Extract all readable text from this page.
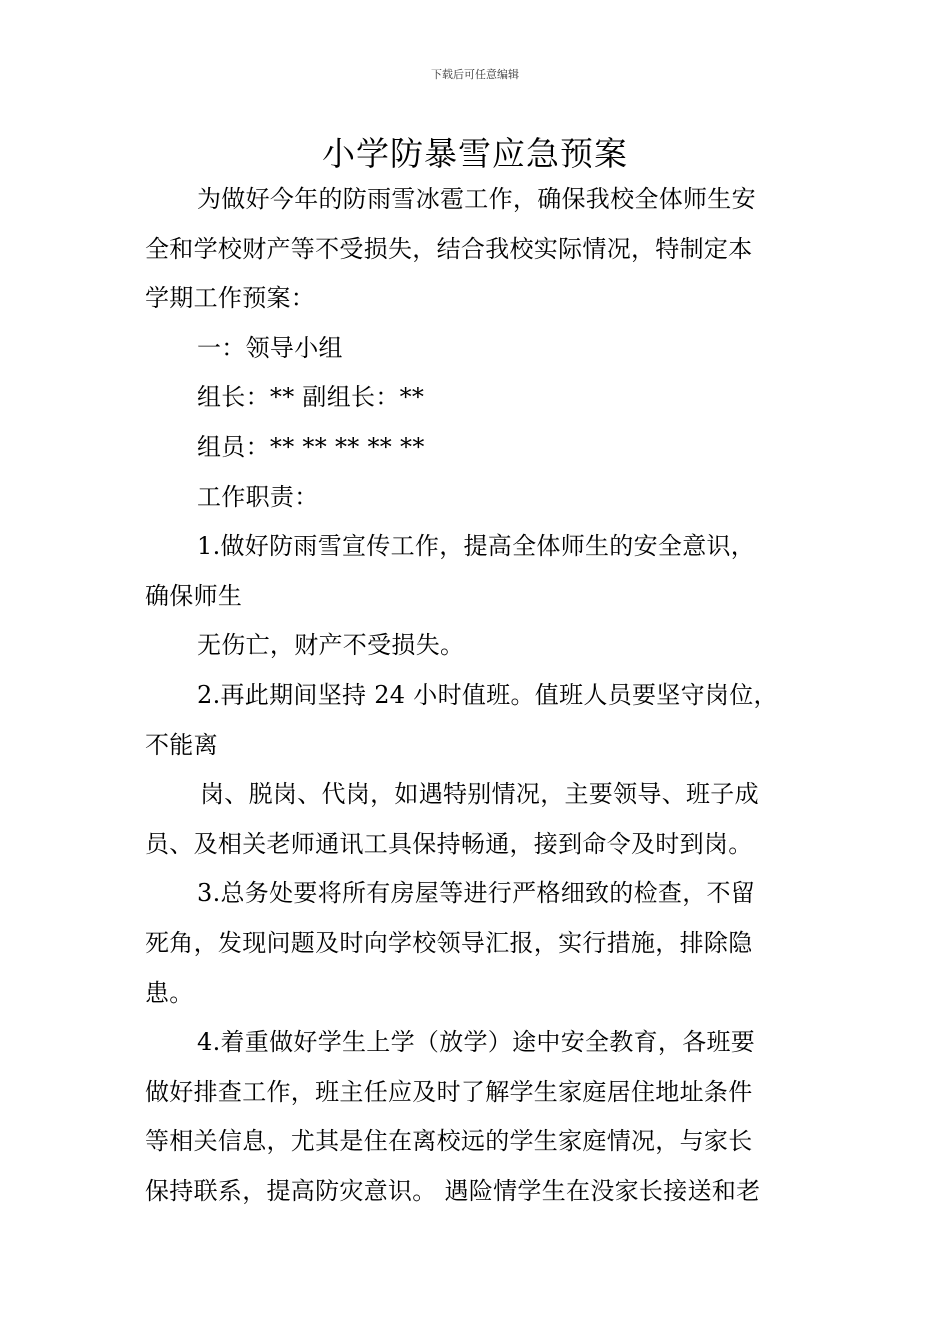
下载后可任意编辑
小学防暴雪应急预案
为做好今年的防雨雪冰雹工作，确保我校全体师生安
全和学校财产等不受损失，结合我校实际情况，特制定本
学期工作预案：
一：领导小组
组长：** 副组长：**
组员：** ** ** ** **
工作职责：
1.做好防雨雪宣传工作，提高全体师生的安全意识，
确保师生
无伤亡，财产不受损失。
2.再此期间坚持 24 小时值班。值班人员要坚守岗位，
不能离
岗、脱岗、代岗，如遇特别情况，主要领导、班子成
员、及相关老师通讯工具保持畅通，接到命令及时到岗。
3.总务处要将所有房屋等进行严格细致的检查，不留
死角，发现问题及时向学校领导汇报，实行措施，排除隐
患。
4.着重做好学生上学（放学）途中安全教育，各班要
做好排查工作，班主任应及时了解学生家庭居住地址条件
等相关信息，尤其是住在离校远的学生家庭情况，与家长
保持联系，提高防灾意识。 遇险情学生在没家长接送和老
